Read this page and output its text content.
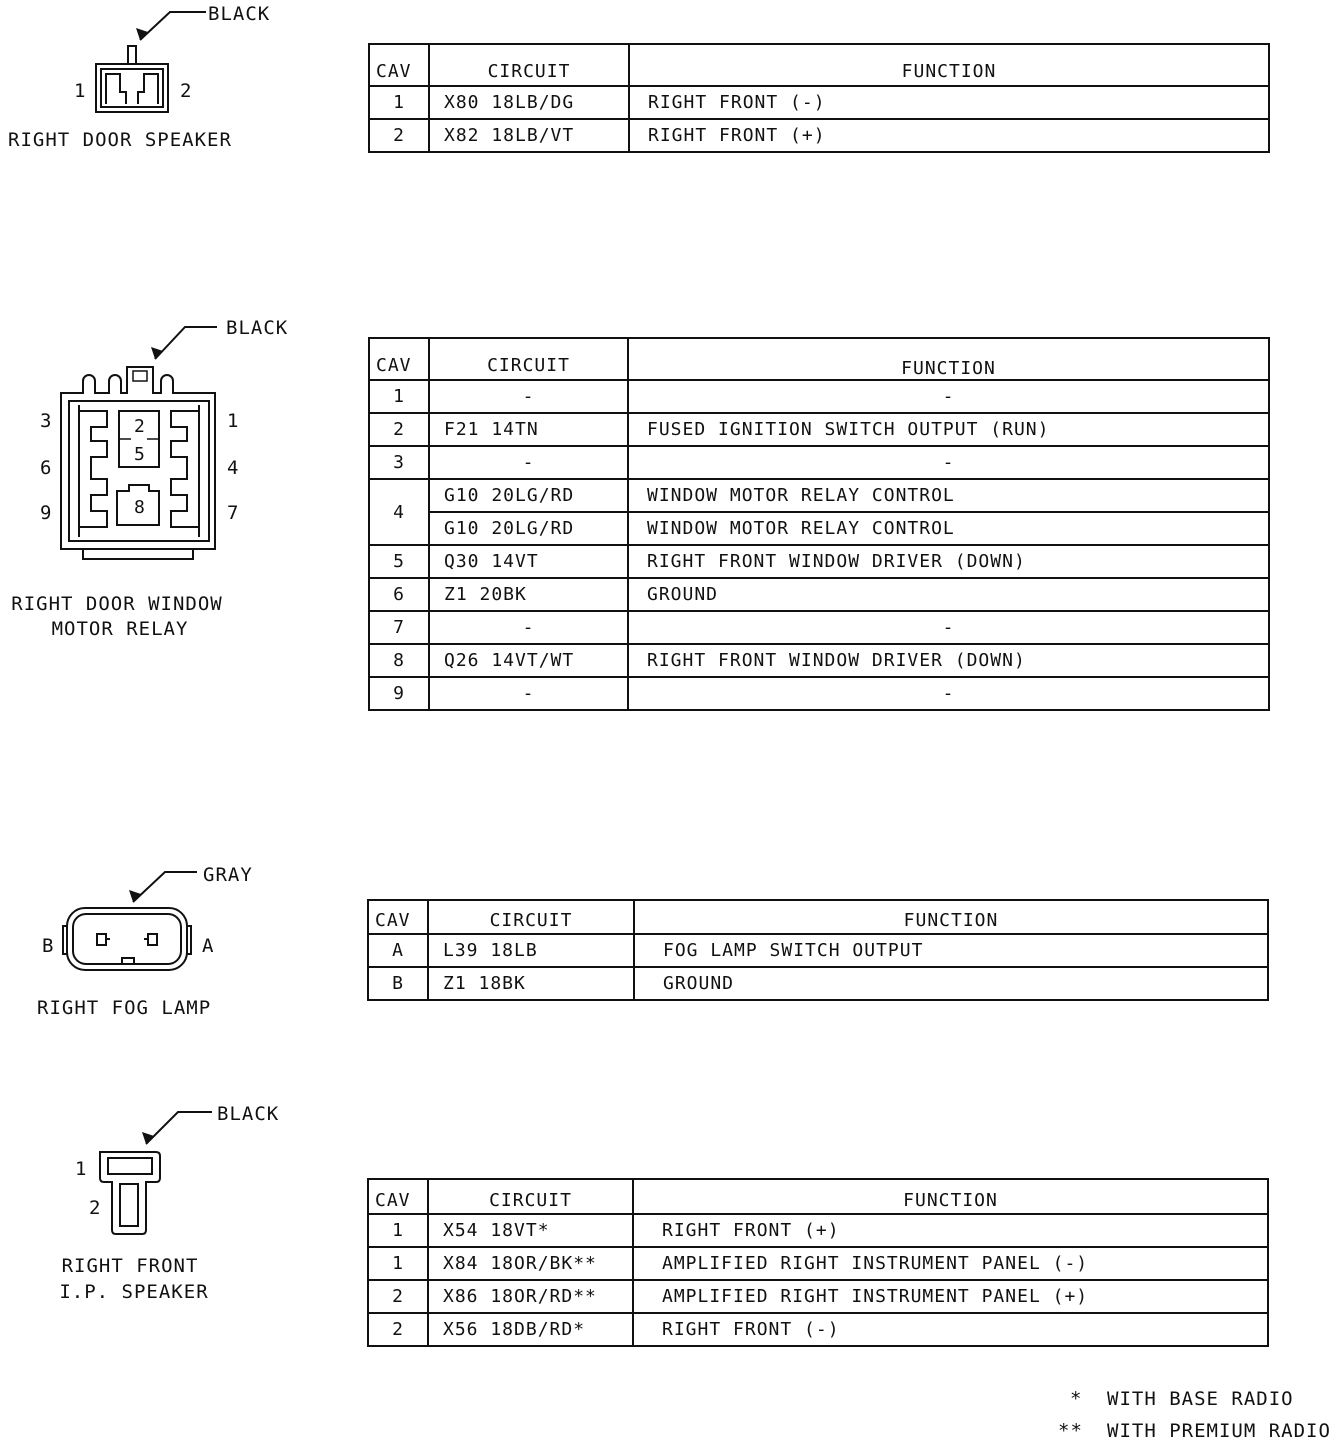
BLACK
1	2
RIGHT DOOR SPEAKER
CAV	CIRCUIT	FUNCTION
1	X80 18LB/DG	RIGHT FRONT (-)
2	X82 18LB/VT	RIGHT FRONT (+)
BLACK
3	1
6	4
9	7
2
5
8
RIGHT DOOR WINDOW
MOTOR RELAY
CAV	CIRCUIT	FUNCTION
1	-	-
2	F21 14TN	FUSED IGNITION SWITCH OUTPUT (RUN)
3	-	-
4	G10 20LG/RD	WINDOW MOTOR RELAY CONTROL
	G10 20LG/RD	WINDOW MOTOR RELAY CONTROL
5	Q30 14VT	RIGHT FRONT WINDOW DRIVER (DOWN)
6	Z1 20BK	GROUND
7	-	-
8	Q26 14VT/WT	RIGHT FRONT WINDOW DRIVER (DOWN)
9	-	-
GRAY
B	A
RIGHT FOG LAMP
CAV	CIRCUIT	FUNCTION
A	L39 18LB	FOG LAMP SWITCH OUTPUT
B	Z1 18BK	GROUND
BLACK
1
2
RIGHT FRONT
I.P. SPEAKER
CAV	CIRCUIT	FUNCTION
1	X54 18VT*	RIGHT FRONT (+)
1	X84 18OR/BK**	AMPLIFIED RIGHT INSTRUMENT PANEL (-)
2	X86 18OR/RD**	AMPLIFIED RIGHT INSTRUMENT PANEL (+)
2	X56 18DB/RD*	RIGHT FRONT (-)
* WITH BASE RADIO
** WITH PREMIUM RADIO
